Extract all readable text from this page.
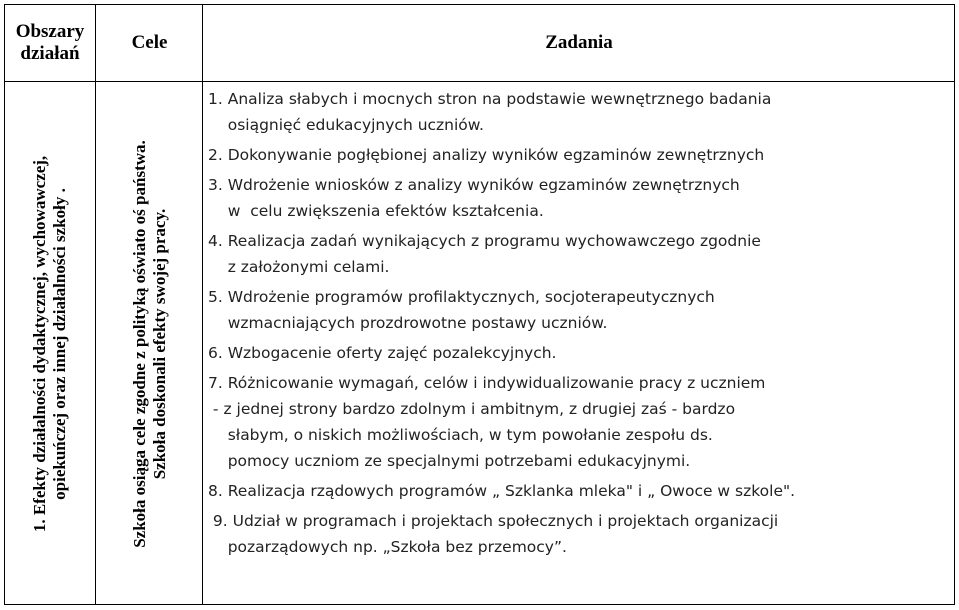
Obszary
działań
Cele	Zadania
1. Efekty działalności dydaktycznej, wychowawczej, opiekuńczej oraz innej działalności szkoły .	Szkoła osiąga cele zgodne z polityką oświato oś państwa. Szkoła doskonali efekty swojej pracy.
1. Analiza słabych i mocnych stron na podstawie wewnętrznego badania
osiągnięć edukacyjnych uczniów.
2. Dokonywanie pogłębionej analizy wyników egzaminów zewnętrznych
3. Wdrożenie wniosków z analizy wyników egzaminów zewnętrznych
w  celu zwiększenia efektów kształcenia.
4. Realizacja zadań wynikających z programu wychowawczego zgodnie
z założonymi celami.
5. Wdrożenie programów profilaktycznych, socjoterapeutycznych
wzmacniających prozdrowotne postawy uczniów.
6. Wzbogacenie oferty zajęć pozalekcyjnych.
7. Różnicowanie wymagań, celów i indywidualizowanie pracy z uczniem
- z jednej strony bardzo zdolnym i ambitnym, z drugiej zaś - bardzo
słabym, o niskich możliwościach, w tym powołanie zespołu ds.
pomocy uczniom ze specjalnymi potrzebami edukacyjnymi.
8. Realizacja rządowych programów „ Szklanka mleka" i „ Owoce w szkole".
9. Udział w programach i projektach społecznych i projektach organizacji
pozarządowych np. „Szkoła bez przemocy”.
